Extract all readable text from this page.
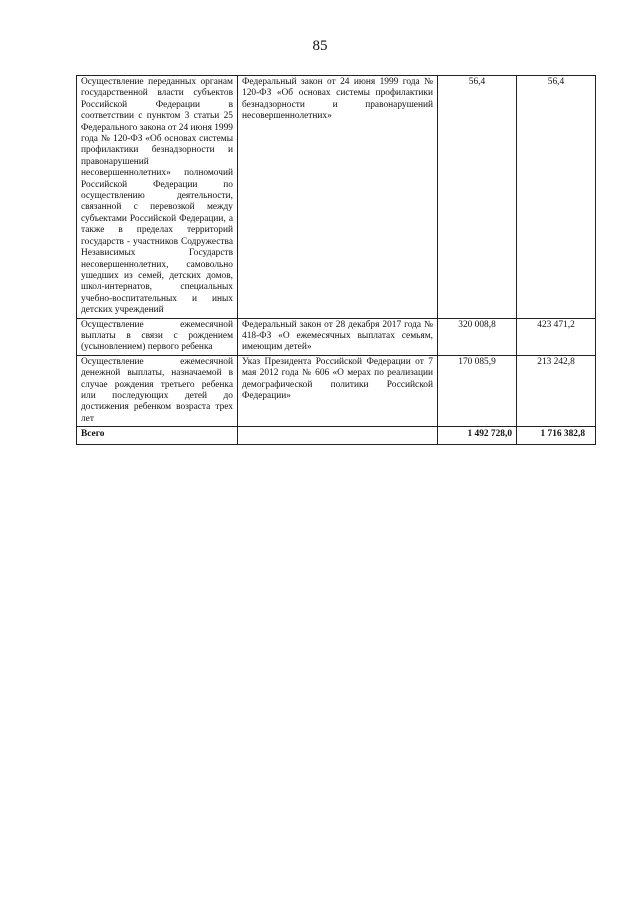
85
Осуществление переданных органам государственной власти субъектов Российской Федерации в соответствии с пунктом 3 статьи 25 Федерального закона от 24 июня 1999 года № 120-ФЗ «Об основах системы профилактики безнадзорности и правонарушений несовершеннолетних» полномочий Российской Федерации по осуществлению деятельности, связанной с перевозкой между субъектами Российской Федерации, а также в пределах территорий государств - участников Содружества Независимых Государств несовершеннолетних, самовольно ушедших из семей, детских домов, школ-интернатов, специальных учебно-воспитательных и иных детских учреждений	Федеральный закон от 24 июня 1999 года № 120-ФЗ «Об основах системы профилактики безнадзорности и правонарушений несовершеннолетних»	56,4	56,4
Осуществление ежемесячной выплаты в связи с рождением (усыновлением) первого ребенка	Федеральный закон от 28 декабря 2017 года № 418-ФЗ «О ежемесячных выплатах семьям, имеющим детей»	320 008,8	423 471,2
Осуществление ежемесячной денежной выплаты, назначаемой в случае рождения третьего ребенка или последующих детей до достижения ребенком возраста трех лет	Указ Президента Российской Федерации от 7 мая 2012 года № 606 «О мерах по реализации демографической политики Российской Федерации»	170 085,9	213 242,8
Всего		1 492 728,0	1 716 382,8
